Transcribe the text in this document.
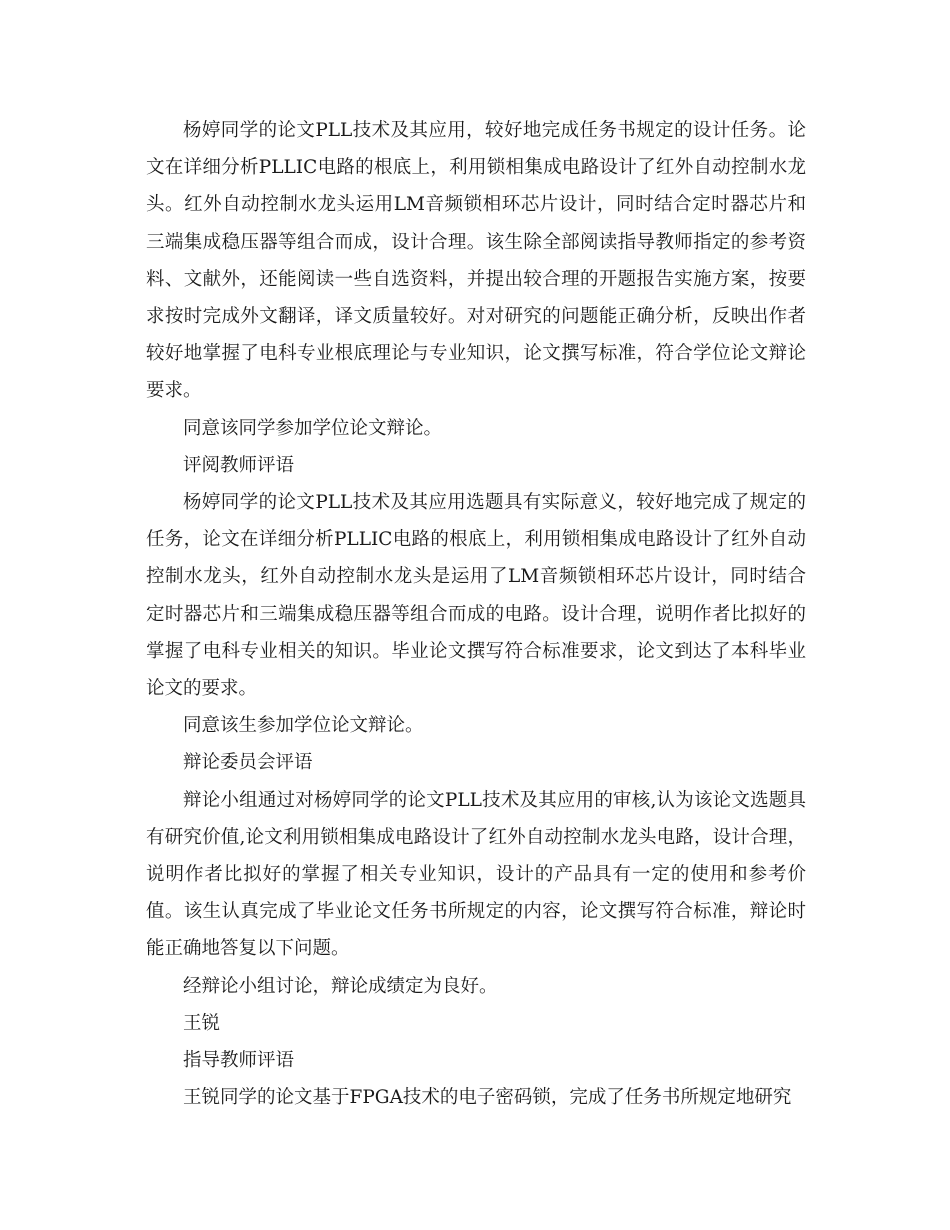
杨婷同学的论文PLL技术及其应用，较好地完成任务书规定的设计任务。论文在详细分析PLLIC电路的根底上，利用锁相集成电路设计了红外自动控制水龙头。红外自动控制水龙头运用LM音频锁相环芯片设计，同时结合定时器芯片和三端集成稳压器等组合而成，设计合理。该生除全部阅读指导教师指定的参考资料、文献外，还能阅读一些自选资料，并提出较合理的开题报告实施方案，按要求按时完成外文翻译，译文质量较好。对对研究的问题能正确分析，反映出作者较好地掌握了电科专业根底理论与专业知识，论文撰写标准，符合学位论文辩论要求。

同意该同学参加学位论文辩论。

评阅教师评语

杨婷同学的论文PLL技术及其应用选题具有实际意义，较好地完成了规定的任务，论文在详细分析PLLIC电路的根底上，利用锁相集成电路设计了红外自动控制水龙头，红外自动控制水龙头是运用了LM音频锁相环芯片设计，同时结合定时器芯片和三端集成稳压器等组合而成的电路。设计合理，说明作者比拟好的掌握了电科专业相关的知识。毕业论文撰写符合标准要求，论文到达了本科毕业论文的要求。

同意该生参加学位论文辩论。

辩论委员会评语

辩论小组通过对杨婷同学的论文PLL技术及其应用的审核,认为该论文选题具有研究价值,论文利用锁相集成电路设计了红外自动控制水龙头电路，设计合理，说明作者比拟好的掌握了相关专业知识，设计的产品具有一定的使用和参考价值。该生认真完成了毕业论文任务书所规定的内容，论文撰写符合标准，辩论时能正确地答复以下问题。

经辩论小组讨论，辩论成绩定为良好。

王锐

指导教师评语

王锐同学的论文基于FPGA技术的电子密码锁，完成了任务书所规定地研究
